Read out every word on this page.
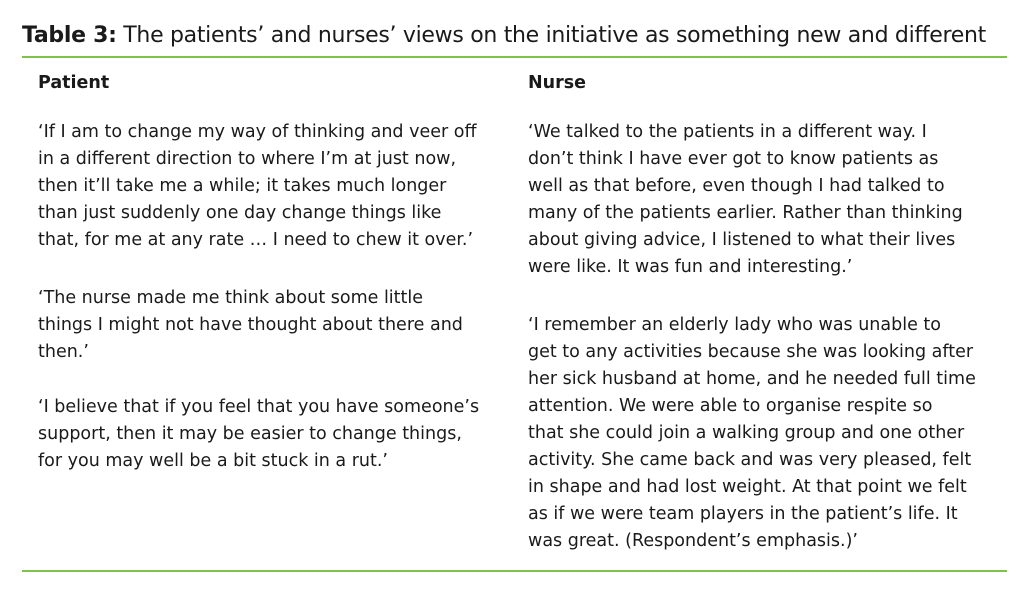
Table 3: The patients’ and nurses’ views on the initiative as something new and different
Patient	Nurse
‘If I am to change my way of thinking and veer off
in a different direction to where I’m at just now,
then it’ll take me a while; it takes much longer
than just suddenly one day change things like
that, for me at any rate … I need to chew it over.’
‘The nurse made me think about some little
things I might not have thought about there and
then.’
‘I believe that if you feel that you have someone’s
support, then it may be easier to change things,
for you may well be a bit stuck in a rut.’
‘We talked to the patients in a different way. I
don’t think I have ever got to know patients as
well as that before, even though I had talked to
many of the patients earlier. Rather than thinking
about giving advice, I listened to what their lives
were like. It was fun and interesting.’
‘I remember an elderly lady who was unable to
get to any activities because she was looking after
her sick husband at home, and he needed full time
attention. We were able to organise respite so
that she could join a walking group and one other
activity. She came back and was very pleased, felt
in shape and had lost weight. At that point we felt
as if we were team players in the patient’s life. It
was great. (Respondent’s emphasis.)’
